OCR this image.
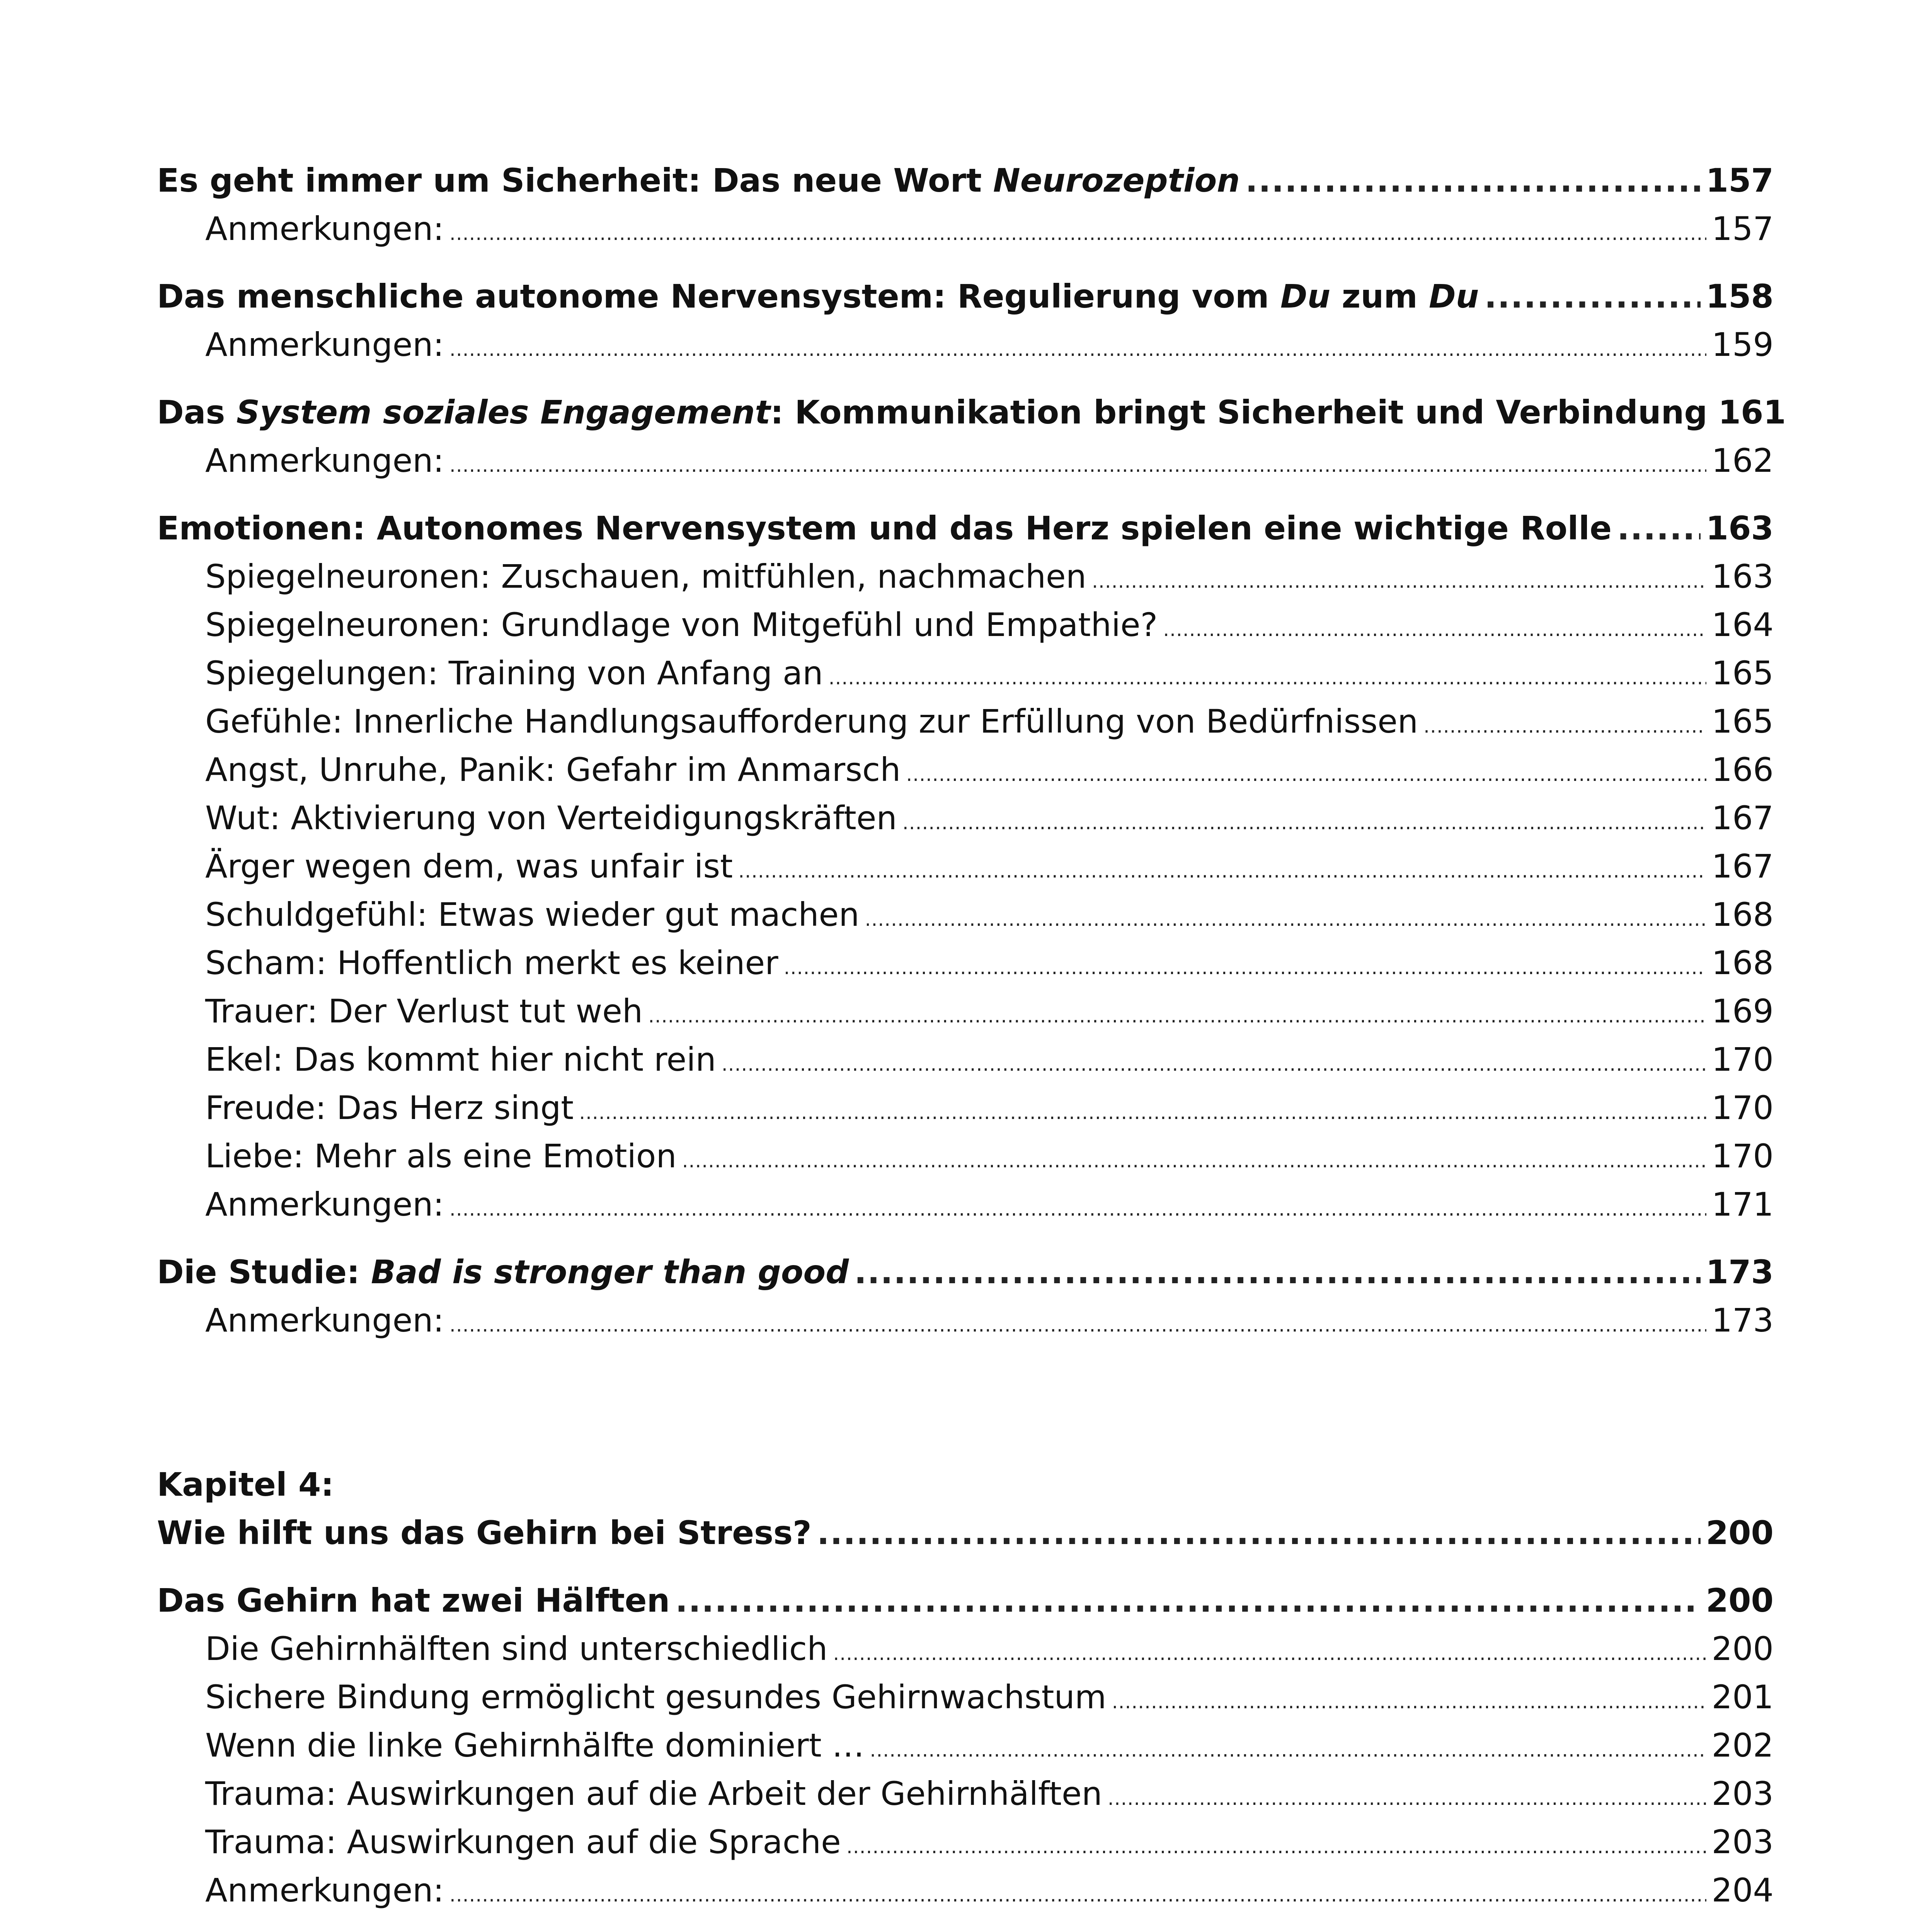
Es geht immer um Sicherheit: Das neue Wort Neurozeption .....	157
Anmerkungen: .....	157
Das menschliche autonome Nervensystem: Regulierung vom Du zum Du .....	158
Anmerkungen: .....	159
Das System soziales Engagement: Kommunikation bringt Sicherheit und Verbindung 161
Anmerkungen: .....	162
Emotionen: Autonomes Nervensystem und das Herz spielen eine wichtige Rolle .....	163
Spiegelneuronen: Zuschauen, mitfühlen, nachmachen .....	163
Spiegelneuronen: Grundlage von Mitgefühl und Empathie? .....	164
Spiegelungen: Training von Anfang an .....	165
Gefühle: Innerliche Handlungsaufforderung zur Erfüllung von Bedürfnissen .....	165
Angst, Unruhe, Panik: Gefahr im Anmarsch .....	166
Wut: Aktivierung von Verteidigungskräften .....	167
Ärger wegen dem, was unfair ist .....	167
Schuldgefühl: Etwas wieder gut machen .....	168
Scham: Hoffentlich merkt es keiner .....	168
Trauer: Der Verlust tut weh .....	169
Ekel: Das kommt hier nicht rein .....	170
Freude: Das Herz singt .....	170
Liebe: Mehr als eine Emotion .....	170
Anmerkungen: .....	171
Die Studie: Bad is stronger than good .....	173
Anmerkungen: .....	173
Kapitel 4:
Wie hilft uns das Gehirn bei Stress? .....	200
Das Gehirn hat zwei Hälften .....	200
Die Gehirnhälften sind unterschiedlich .....	200
Sichere Bindung ermöglicht gesundes Gehirnwachstum .....	201
Wenn die linke Gehirnhälfte dominiert … .....	202
Trauma: Auswirkungen auf die Arbeit der Gehirnhälften .....	203
Trauma: Auswirkungen auf die Sprache .....	203
Anmerkungen: .....	204
